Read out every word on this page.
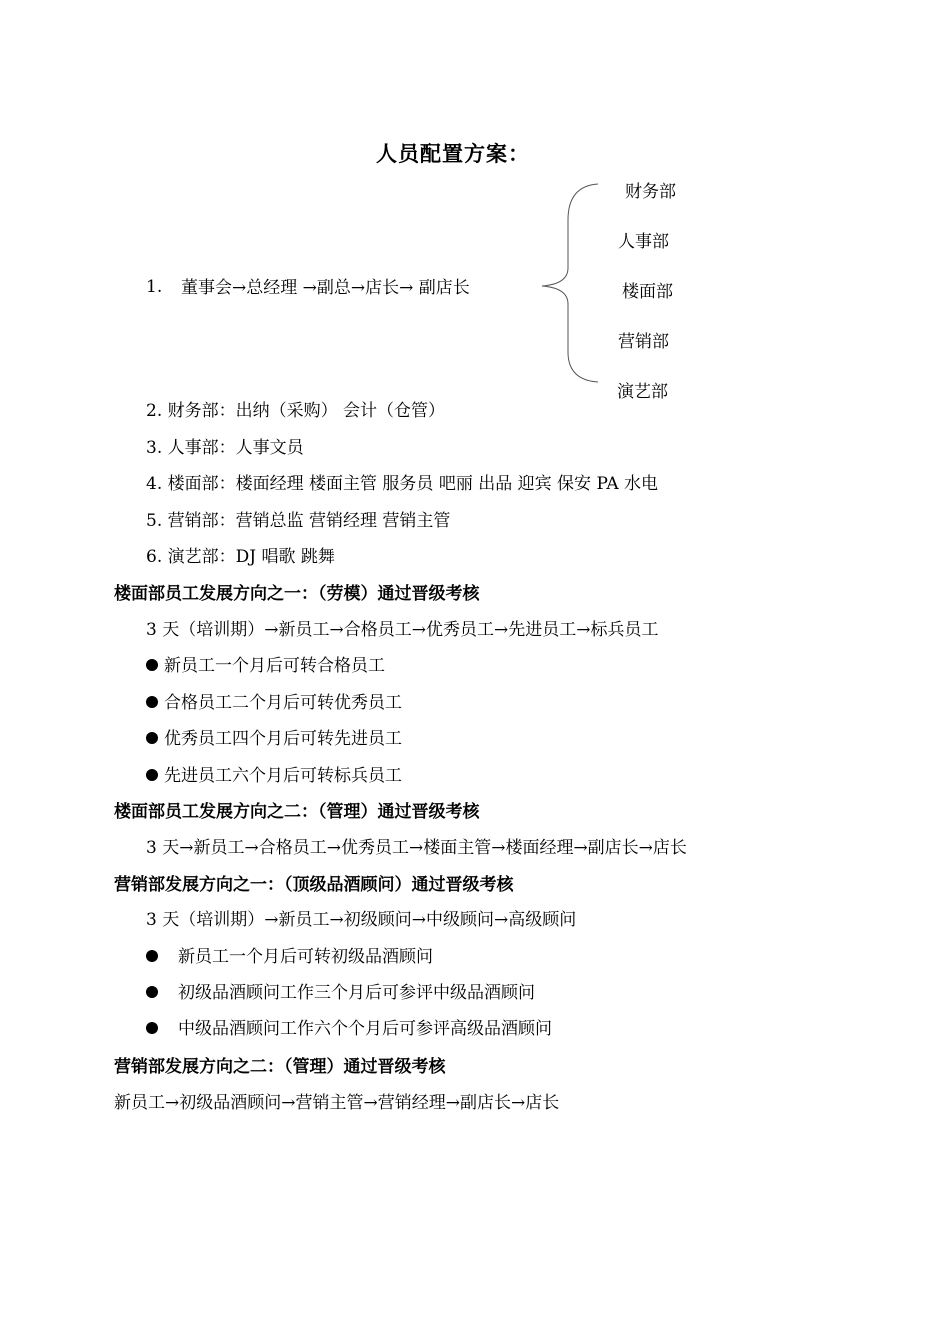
人员配置方案：
1. 董事会→总经理 →副总→店长→ 副店长
财务部
人事部
楼面部
营销部
演艺部
2. 财务部：出纳（采购） 会计（仓管）
3. 人事部：人事文员
4. 楼面部：楼面经理 楼面主管 服务员 吧丽 出品 迎宾 保安 PA 水电
5. 营销部：营销总监 营销经理 营销主管
6. 演艺部：DJ 唱歌 跳舞
楼面部员工发展方向之一：（劳模）通过晋级考核
3 天（培训期）→新员工→合格员工→优秀员工→先进员工→标兵员工
新员工一个月后可转合格员工
合格员工二个月后可转优秀员工
优秀员工四个月后可转先进员工
先进员工六个月后可转标兵员工
楼面部员工发展方向之二：（管理）通过晋级考核
3 天→新员工→合格员工→优秀员工→楼面主管→楼面经理→副店长→店长
营销部发展方向之一：（顶级品酒顾问）通过晋级考核
3 天（培训期）→新员工→初级顾问→中级顾问→高级顾问
新员工一个月后可转初级品酒顾问
初级品酒顾问工作三个月后可参评中级品酒顾问
中级品酒顾问工作六个个月后可参评高级品酒顾问
营销部发展方向之二：（管理）通过晋级考核
新员工→初级品酒顾问→营销主管→营销经理→副店长→店长
